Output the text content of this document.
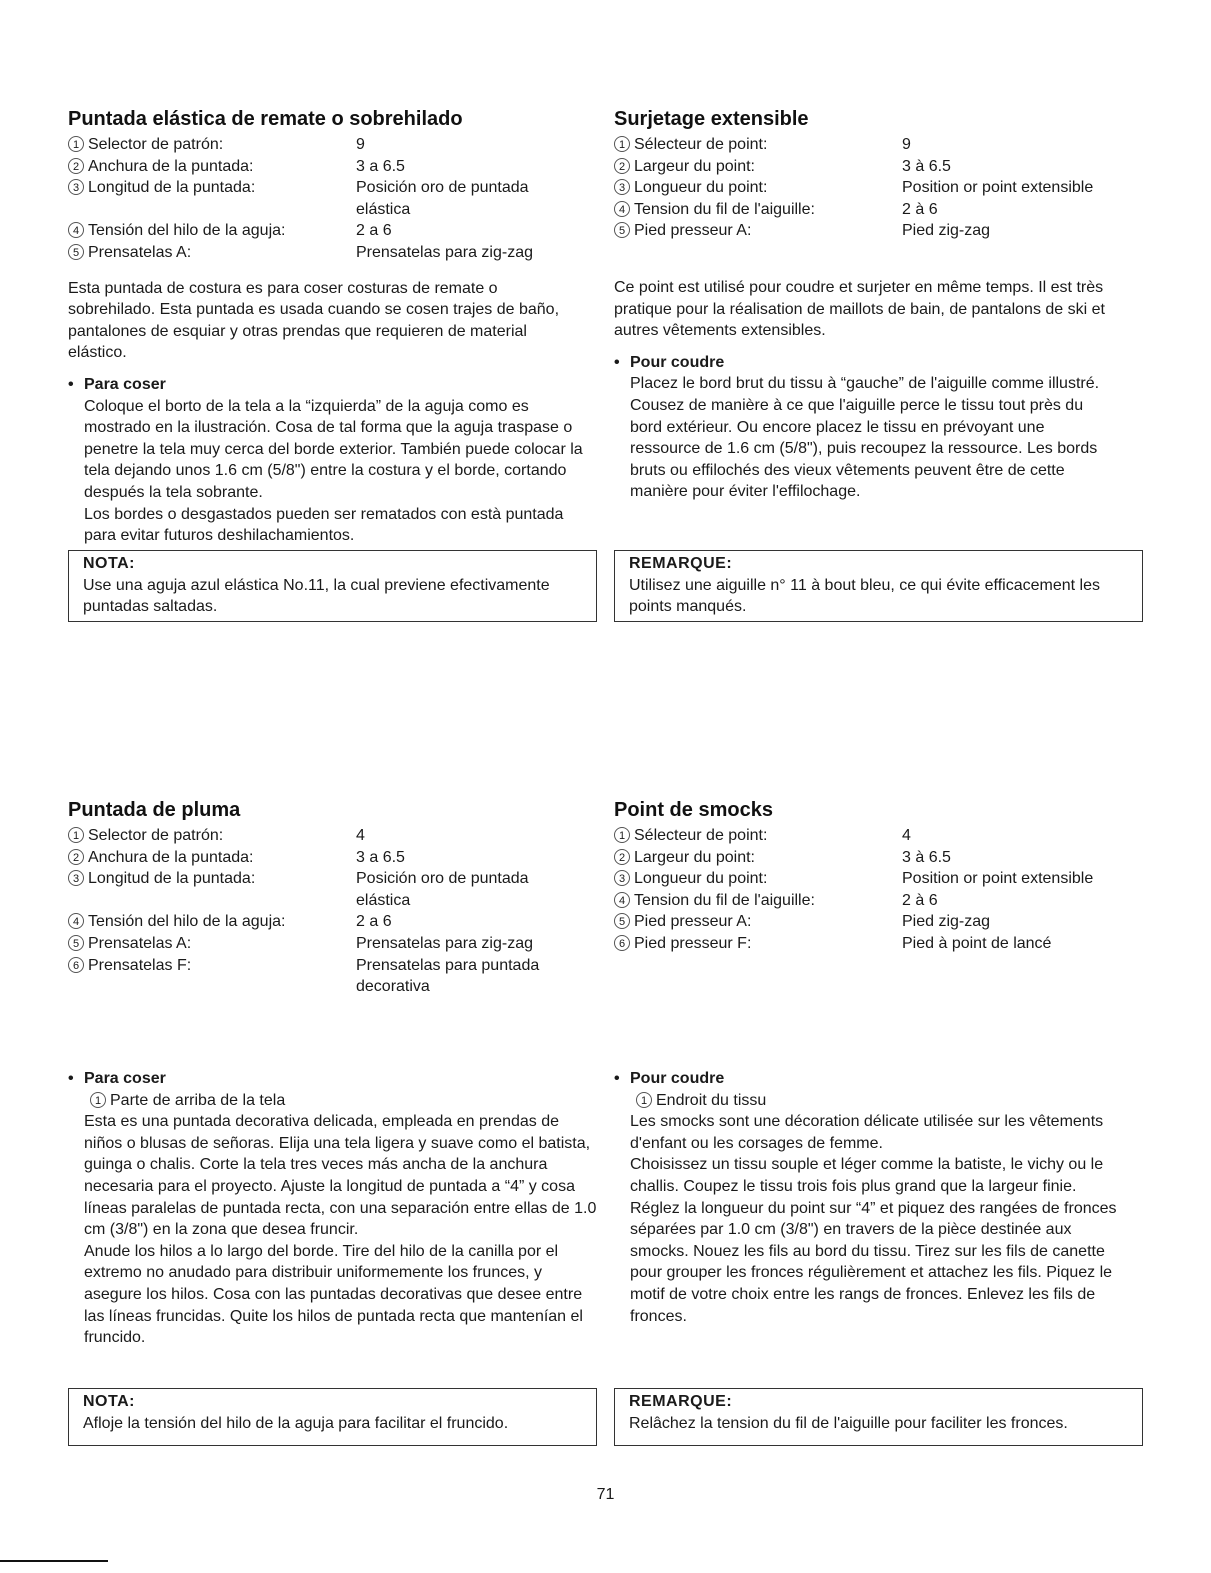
Puntada elástica de remate o sobrehilado
1 Selector de patrón:	9
2 Anchura de la puntada:	3 a 6.5
3 Longitud de la puntada:	Posición oro de puntada elástica
4 Tensión del hilo de la aguja:	2 a 6
5 Prensatelas A:	Prensatelas para zig-zag

Esta puntada de costura es para coser costuras de remate o sobrehilado. Esta puntada es usada cuando se cosen trajes de baño, pantalones de esquiar y otras prendas que requieren de material elástico.

• Para coser

Coloque el borto de la tela a la “izquierda” de la aguja como es mostrado en la ilustración. Cosa de tal forma que la aguja traspase o penetre la tela muy cerca del borde exterior. También puede colocar la tela dejando unos 1.6 cm (5/8") entre la costura y el borde, cortando después la tela sobrante.

Los bordes o desgastados pueden ser rematados con està puntada para evitar futuros deshilachamientos.

NOTA:
Use una aguja azul elástica No.11, la cual previene efectivamente puntadas saltadas.
Surjetage extensible
1 Sélecteur de point:	9
2 Largeur du point:	3 à 6.5
3 Longueur du point:	Position or point extensible
4 Tension du fil de l'aiguille:	2 à 6
5 Pied presseur A:	Pied zig-zag

Ce point est utilisé pour coudre et surjeter en même temps. Il est très pratique pour la réalisation de maillots de bain, de pantalons de ski et autres vêtements extensibles.

• Pour coudre

Placez le bord brut du tissu à “gauche” de l'aiguille comme illustré. Cousez de manière à ce que l'aiguille perce le tissu tout près du bord extérieur. Ou encore placez le tissu en prévoyant une ressource de 1.6 cm (5/8"), puis recoupez la ressource. Les bords bruts ou effilochés des vieux vêtements peuvent être de cette manière pour éviter l'effilochage.

REMARQUE:
Utilisez une aiguille n° 11 à bout bleu, ce qui évite efficacement les points manqués.
Puntada de pluma
1 Selector de patrón:	4
2 Anchura de la puntada:	3 a 6.5
3 Longitud de la puntada:	Posición oro de puntada elástica
4 Tensión del hilo de la aguja:	2 a 6
5 Prensatelas A:	Prensatelas para zig-zag
6 Prensatelas F:	Prensatelas para puntada decorativa
• Para coser
1 Parte de arriba de la tela

Esta es una puntada decorativa delicada, empleada en prendas de niños o blusas de señoras. Elija una tela ligera y suave como el batista, guinga o chalis. Corte la tela tres veces más ancha de la anchura necesaria para el proyecto. Ajuste la longitud de puntada a “4” y cosa líneas paralelas de puntada recta, con una separación entre ellas de 1.0 cm (3/8") en la zona que desea fruncir.

Anude los hilos a lo largo del borde. Tire del hilo de la canilla por el extremo no anudado para distribuir uniformemente los frunces, y asegure los hilos. Cosa con las puntadas decorativas que desee entre las líneas fruncidas. Quite los hilos de puntada recta que mantenían el fruncido.

NOTA:
Afloje la tensión del hilo de la aguja para facilitar el fruncido.
Point de smocks
1 Sélecteur de point:	4
2 Largeur du point:	3 à 6.5
3 Longueur du point:	Position or point extensible
4 Tension du fil de l'aiguille:	2 à 6
5 Pied presseur A:	Pied zig-zag
6 Pied presseur F:	Pied à point de lancé
• Pour coudre
1 Endroit du tissu

Les smocks sont une décoration délicate utilisée sur les vêtements d'enfant ou les corsages de femme.

Choisissez un tissu souple et léger comme la batiste, le vichy ou le challis. Coupez le tissu trois fois plus grand que la largeur finie. Réglez la longueur du point sur “4” et piquez des rangées de fronces séparées par 1.0 cm (3/8") en travers de la pièce destinée aux smocks. Nouez les fils au bord du tissu. Tirez sur les fils de canette pour grouper les fronces régulièrement et attachez les fils. Piquez le motif de votre choix entre les rangs de fronces. Enlevez les fils de fronces.

REMARQUE:
Relâchez la tension du fil de l'aiguille pour faciliter les fronces.
71
